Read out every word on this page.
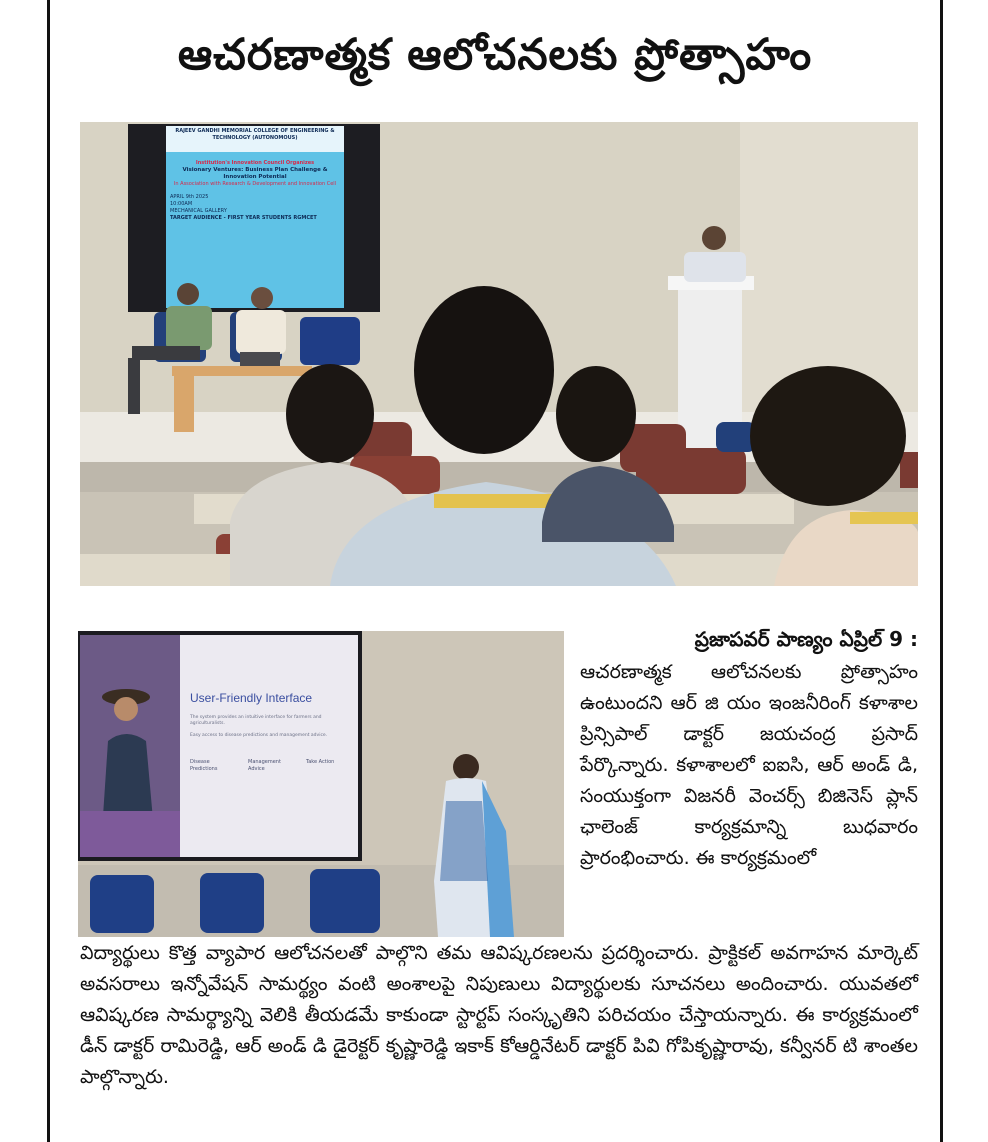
ఆచరణాత్మక ఆలోచనలకు ప్రోత్సాహం
RAJEEV GANDHI MEMORIAL COLLEGE OF ENGINEERING & TECHNOLOGY (AUTONOMOUS)
Institution's Innovation Council Organizes
Visionary Ventures: Business Plan Challenge & Innovation Potential
In Association with Research & Development and Innovation Cell
APRIL 9th 2025
10:00AM
MECHANICAL GALLERY
TARGET AUDIENCE - FIRST YEAR STUDENTS RGMCET
User-Friendly Interface
The system provides an intuitive interface for farmers and agriculturalists.
Easy access to disease predictions and management advice.
Disease Predictions
Management Advice
Take Action
ప్రజాపవర్ పాణ్యం ఏప్రిల్ 9 :

ఆచరణాత్మక ఆలోచనలకు ప్రోత్సాహం ఉంటుందని ఆర్ జి యం ఇంజనీరింగ్ కళాశాల ప్రిన్సిపాల్ డాక్టర్ జయచంద్ర ప్రసాద్ పేర్కొన్నారు. కళాశాలలో ఐఐసి, ఆర్ అండ్ డి, సంయుక్తంగా విజనరీ వెంచర్స్ బిజినెస్ ప్లాన్ ఛాలెంజ్ కార్యక్రమాన్ని బుధవారం ప్రారంభించారు. ఈ కార్యక్రమంలో

విద్యార్థులు కొత్త వ్యాపార ఆలోచనలతో పాల్గొని తమ ఆవిష్కరణలను ప్రదర్శించారు. ప్రాక్టికల్ అవగాహన మార్కెట్ అవసరాలు ఇన్నోవేషన్ సామర్థ్యం వంటి అంశాలపై నిపుణులు విద్యార్థులకు సూచనలు అందించారు. యువతలో ఆవిష్కరణ సామర్థ్యాన్ని వెలికి తీయడమే కాకుండా స్టార్టప్ సంస్కృతిని పరిచయం చేస్తాయన్నారు. ఈ కార్యక్రమంలో డీన్ డాక్టర్ రామిరెడ్డి, ఆర్ అండ్ డి డైరెక్టర్ కృష్ణారెడ్డి ఇకాక్ కోఆర్డినేటర్ డాక్టర్ పివి గోపికృష్ణారావు, కన్వీనర్ టి శాంతల పాల్గొన్నారు.
